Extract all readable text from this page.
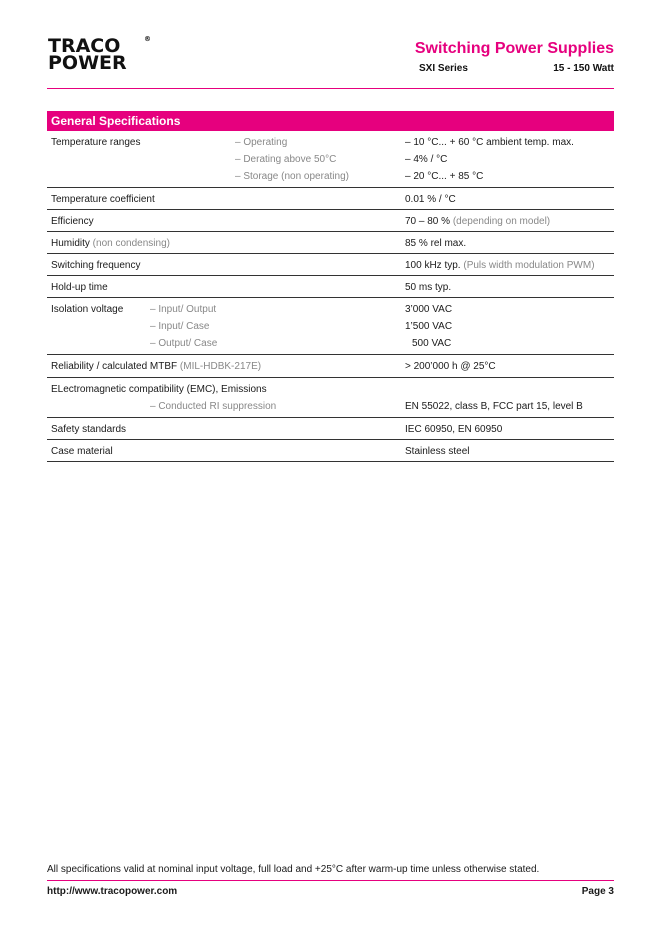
TRACO
POWER
®
Switching Power Supplies
SXI Series	15 - 150 Watt
General Specifications
Temperature ranges	– Operating	– 10 °C... + 60 °C ambient temp. max.
– Derating above 50°C	– 4% / °C
– Storage (non operating)	– 20 °C... + 85 °C
Temperature coefficient	0.01 % / °C
Efficiency	70 – 80 % (depending on model)
Humidity (non condensing)	85 % rel max.
Switching frequency	100 kHz typ. (Puls width modulation PWM)
Hold-up time	50 ms typ.
Isolation voltage	– Input/ Output	3’000 VAC
– Input/ Case	1’500 VAC
– Output/ Case	500 VAC
Reliability / calculated MTBF (MIL-HDBK-217E)	> 200’000 h @ 25°C
ELectromagnetic compatibility (EMC), Emissions
– Conducted RI suppression	EN 55022, class B, FCC part 15, level B
Safety standards	IEC 60950, EN 60950
Case material	Stainless steel
All specifications valid at nominal input voltage, full load and +25°C after warm-up time unless otherwise stated.
http://www.tracopower.com	Page 3
